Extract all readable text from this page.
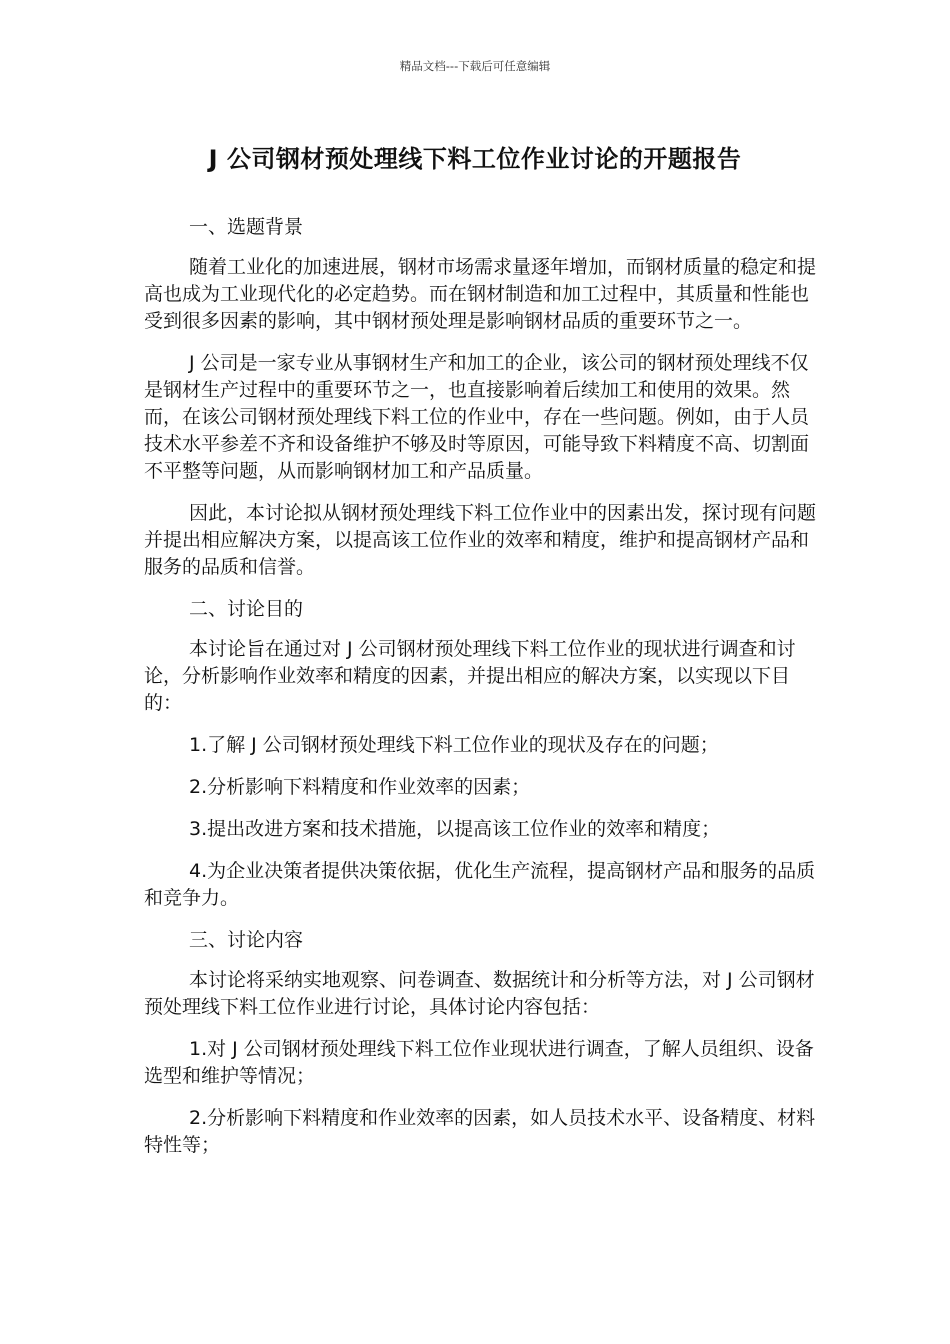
精品文档---下载后可任意编辑
J 公司钢材预处理线下料工位作业讨论的开题报告

一、选题背景

随着工业化的加速进展，钢材市场需求量逐年增加，而钢材质量的稳定和提高也成为工业现代化的必定趋势。而在钢材制造和加工过程中，其质量和性能也受到很多因素的影响，其中钢材预处理是影响钢材品质的重要环节之一。

J 公司是一家专业从事钢材生产和加工的企业，该公司的钢材预处理线不仅是钢材生产过程中的重要环节之一，也直接影响着后续加工和使用的效果。然而，在该公司钢材预处理线下料工位的作业中，存在一些问题。例如，由于人员技术水平参差不齐和设备维护不够及时等原因，可能导致下料精度不高、切割面不平整等问题，从而影响钢材加工和产品质量。

因此，本讨论拟从钢材预处理线下料工位作业中的因素出发，探讨现有问题并提出相应解决方案，以提高该工位作业的效率和精度，维护和提高钢材产品和服务的品质和信誉。

二、讨论目的

本讨论旨在通过对 J 公司钢材预处理线下料工位作业的现状进行调查和讨论，分析影响作业效率和精度的因素，并提出相应的解决方案，以实现以下目的：

1.了解 J 公司钢材预处理线下料工位作业的现状及存在的问题；

2.分析影响下料精度和作业效率的因素；

3.提出改进方案和技术措施，以提高该工位作业的效率和精度；

4.为企业决策者提供决策依据，优化生产流程，提高钢材产品和服务的品质和竞争力。

三、讨论内容

本讨论将采纳实地观察、问卷调查、数据统计和分析等方法，对 J 公司钢材预处理线下料工位作业进行讨论，具体讨论内容包括：

1.对 J 公司钢材预处理线下料工位作业现状进行调查，了解人员组织、设备选型和维护等情况；

2.分析影响下料精度和作业效率的因素，如人员技术水平、设备精度、材料特性等；
